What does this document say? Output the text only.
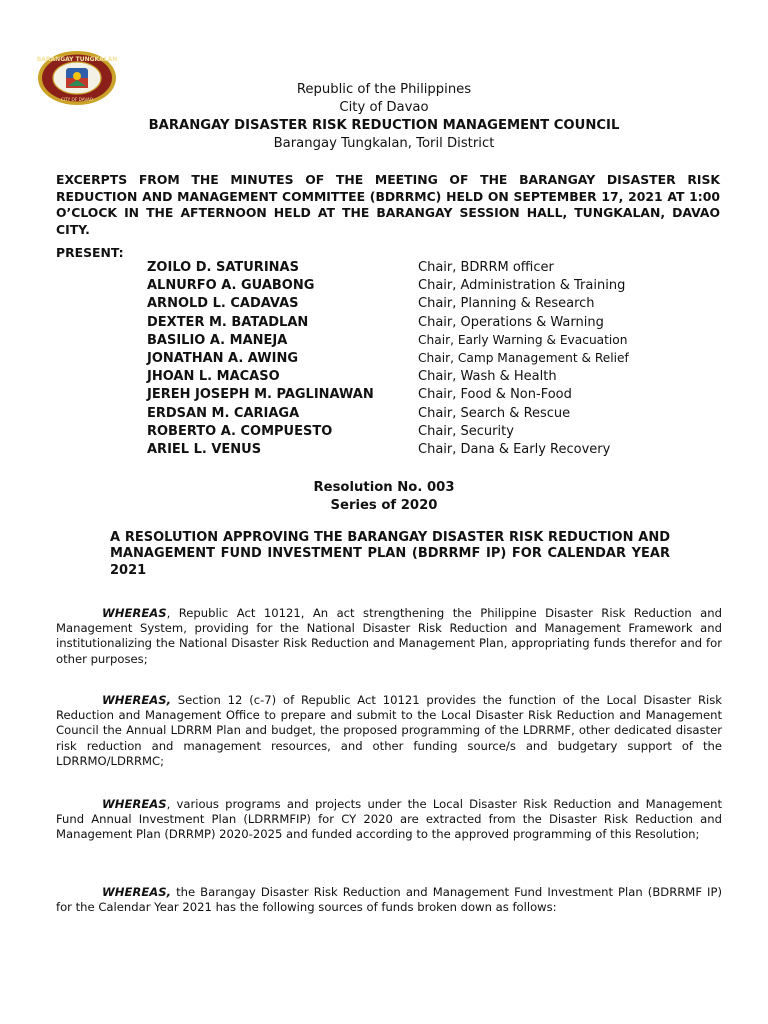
BARANGAY TUNGKALAN
CITY OF DAVAO
Republic of the Philippines
City of Davao
BARANGAY DISASTER RISK REDUCTION MANAGEMENT COUNCIL
Barangay Tungkalan, Toril District
EXCERPTS FROM THE MINUTES OF THE MEETING OF THE BARANGAY DISASTER RISK REDUCTION AND MANAGEMENT COMMITTEE (BDRRMC) HELD ON SEPTEMBER 17, 2021 AT 1:00 O’CLOCK IN THE AFTERNOON HELD AT THE BARANGAY SESSION HALL, TUNGKALAN, DAVAO CITY.
PRESENT:
ZOILO D. SATURINAS	Chair, BDRRM officer
ALNURFO A. GUABONG	Chair, Administration & Training
ARNOLD L. CADAVAS	Chair, Planning & Research
DEXTER M. BATADLAN	Chair, Operations & Warning
BASILIO A. MANEJA	Chair, Early Warning & Evacuation
JONATHAN A. AWING	Chair, Camp Management & Relief
JHOAN L. MACASO	Chair, Wash & Health
JEREH JOSEPH M. PAGLINAWAN	Chair, Food & Non-Food
ERDSAN M. CARIAGA	Chair, Search & Rescue
ROBERTO A. COMPUESTO	Chair, Security
ARIEL L. VENUS	Chair, Dana & Early Recovery
Resolution No. 003
Series of 2020
A RESOLUTION APPROVING THE BARANGAY DISASTER RISK REDUCTION AND MANAGEMENT FUND INVESTMENT PLAN (BDRRMF IP) FOR CALENDAR YEAR 2021
WHEREAS, Republic Act 10121, An act strengthening the Philippine Disaster Risk Reduction and Management System, providing for the National Disaster Risk Reduction and Management Framework and institutionalizing the National Disaster Risk Reduction and Management Plan, appropriating funds therefor and for other purposes;
WHEREAS, Section 12 (c-7) of Republic Act 10121 provides the function of the Local Disaster Risk Reduction and Management Office to prepare and submit to the Local Disaster Risk Reduction and Management Council the Annual LDRRM Plan and budget, the proposed programming of the LDRRMF, other dedicated disaster risk reduction and management resources, and other funding source/s and budgetary support of the LDRRMO/LDRRMC;
WHEREAS, various programs and projects under the Local Disaster Risk Reduction and Management Fund Annual Investment Plan (LDRRMFIP) for CY 2020 are extracted from the Disaster Risk Reduction and Management Plan (DRRMP) 2020-2025 and funded according to the approved programming of this Resolution;
WHEREAS, the Barangay Disaster Risk Reduction and Management Fund Investment Plan (BDRRMF IP) for the Calendar Year 2021 has the following sources of funds broken down as follows:
